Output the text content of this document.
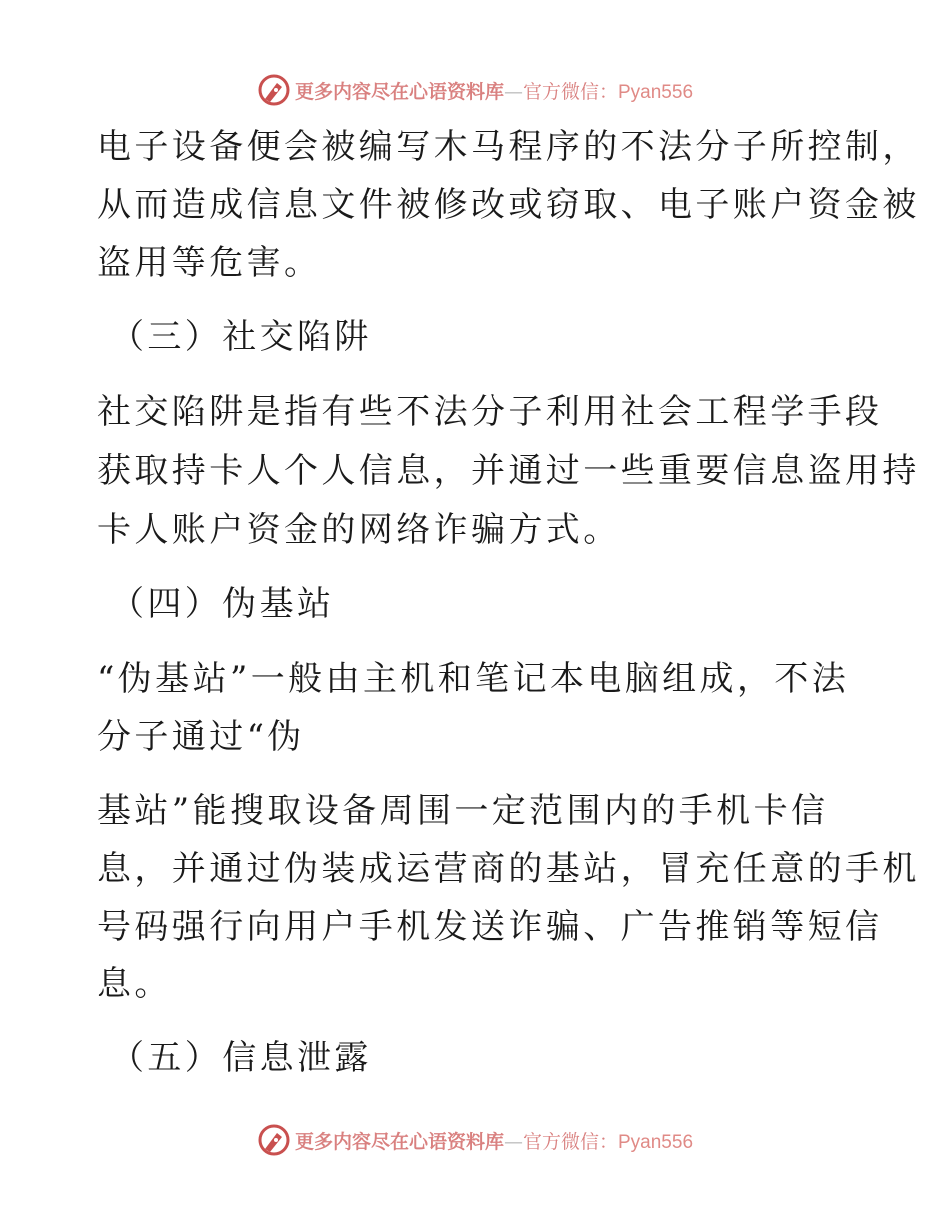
更多内容尽在心语资料库—官方微信：Pyan556
电子设备便会被编写木马程序的不法分子所控制，
从而造成信息文件被修改或窃取、电子账户资金被
盗用等危害。
（三）社交陷阱
社交陷阱是指有些不法分子利用社会工程学手段
获取持卡人个人信息，并通过一些重要信息盗用持
卡人账户资金的网络诈骗方式。
（四）伪基站
“伪基站”一般由主机和笔记本电脑组成，不法
分子通过“伪
基站”能搜取设备周围一定范围内的手机卡信
息，并通过伪装成运营商的基站，冒充任意的手机
号码强行向用户手机发送诈骗、广告推销等短信
息。
（五）信息泄露
更多内容尽在心语资料库—官方微信：Pyan556
